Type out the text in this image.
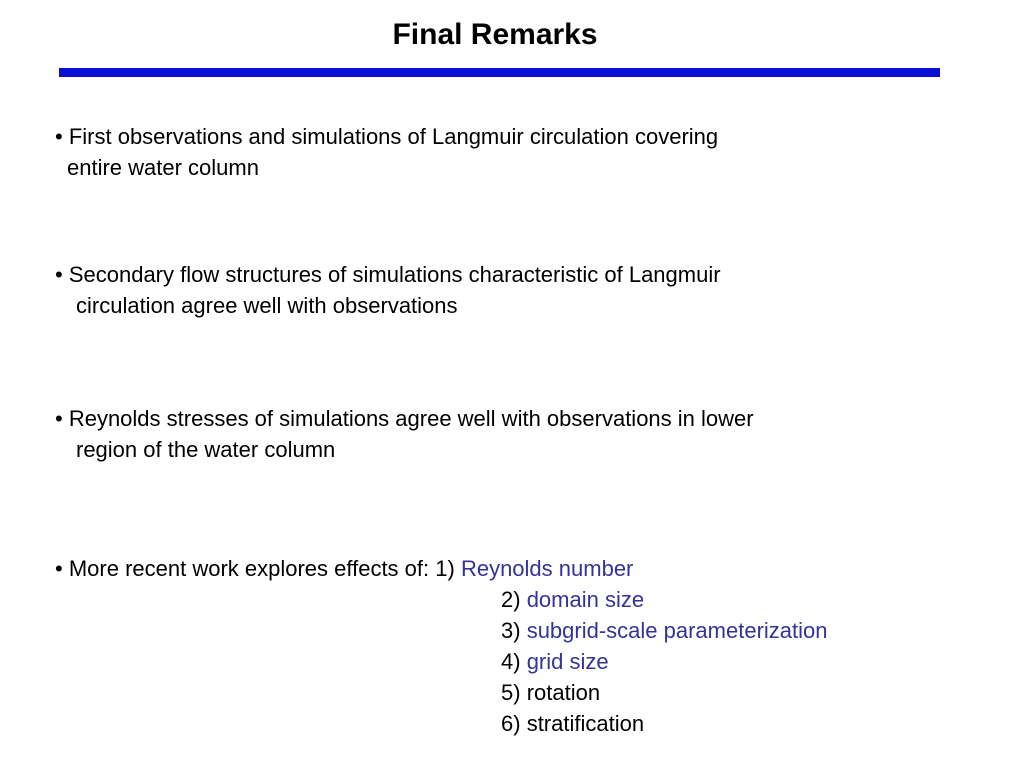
Final Remarks
• First observations and simulations of Langmuir circulation covering
entire water column
• Secondary flow structures of simulations characteristic of Langmuir
circulation agree well with observations
• Reynolds stresses of simulations agree well with observations in lower
region of the water column
• More recent work explores effects of: 1) Reynolds number
2) domain size
3) subgrid-scale parameterization
4) grid size
5) rotation
6) stratification
